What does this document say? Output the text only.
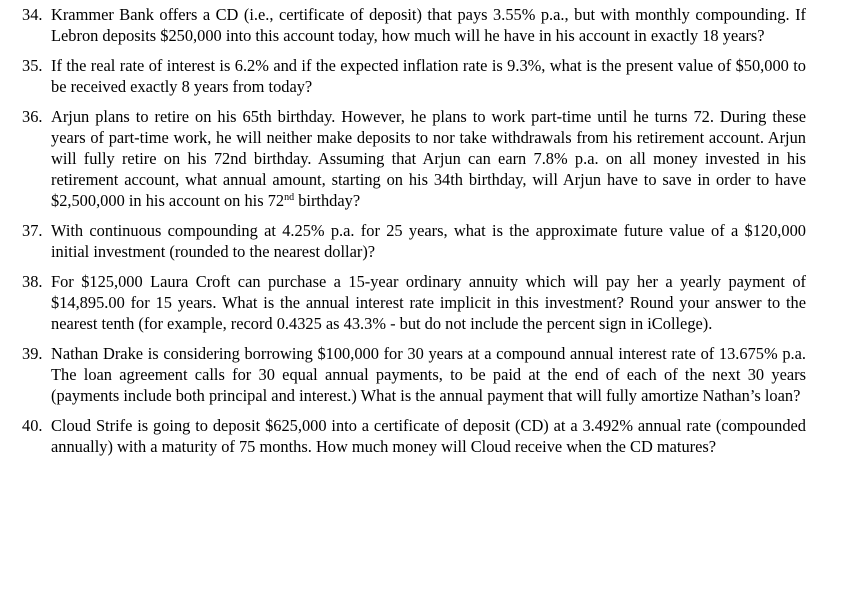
34. Krammer Bank offers a CD (i.e., certificate of deposit) that pays 3.55% p.a., but with monthly compounding. If Lebron deposits $250,000 into this account today, how much will he have in his account in exactly 18 years?
35. If the real rate of interest is 6.2% and if the expected inflation rate is 9.3%, what is the present value of $50,000 to be received exactly 8 years from today?
36. Arjun plans to retire on his 65th birthday. However, he plans to work part-time until he turns 72. During these years of part-time work, he will neither make deposits to nor take withdrawals from his retirement account. Arjun will fully retire on his 72nd birthday. Assuming that Arjun can earn 7.8% p.a. on all money invested in his retirement account, what annual amount, starting on his 34th birthday, will Arjun have to save in order to have $2,500,000 in his account on his 72nd birthday?
37. With continuous compounding at 4.25% p.a. for 25 years, what is the approximate future value of a $120,000 initial investment (rounded to the nearest dollar)?
38. For $125,000 Laura Croft can purchase a 15-year ordinary annuity which will pay her a yearly payment of $14,895.00 for 15 years. What is the annual interest rate implicit in this investment? Round your answer to the nearest tenth (for example, record 0.4325 as 43.3% - but do not include the percent sign in iCollege).
39. Nathan Drake is considering borrowing $100,000 for 30 years at a compound annual interest rate of 13.675% p.a. The loan agreement calls for 30 equal annual payments, to be paid at the end of each of the next 30 years (payments include both principal and interest.) What is the annual payment that will fully amortize Nathan’s loan?
40. Cloud Strife is going to deposit $625,000 into a certificate of deposit (CD) at a 3.492% annual rate (compounded annually) with a maturity of 75 months. How much money will Cloud receive when the CD matures?
